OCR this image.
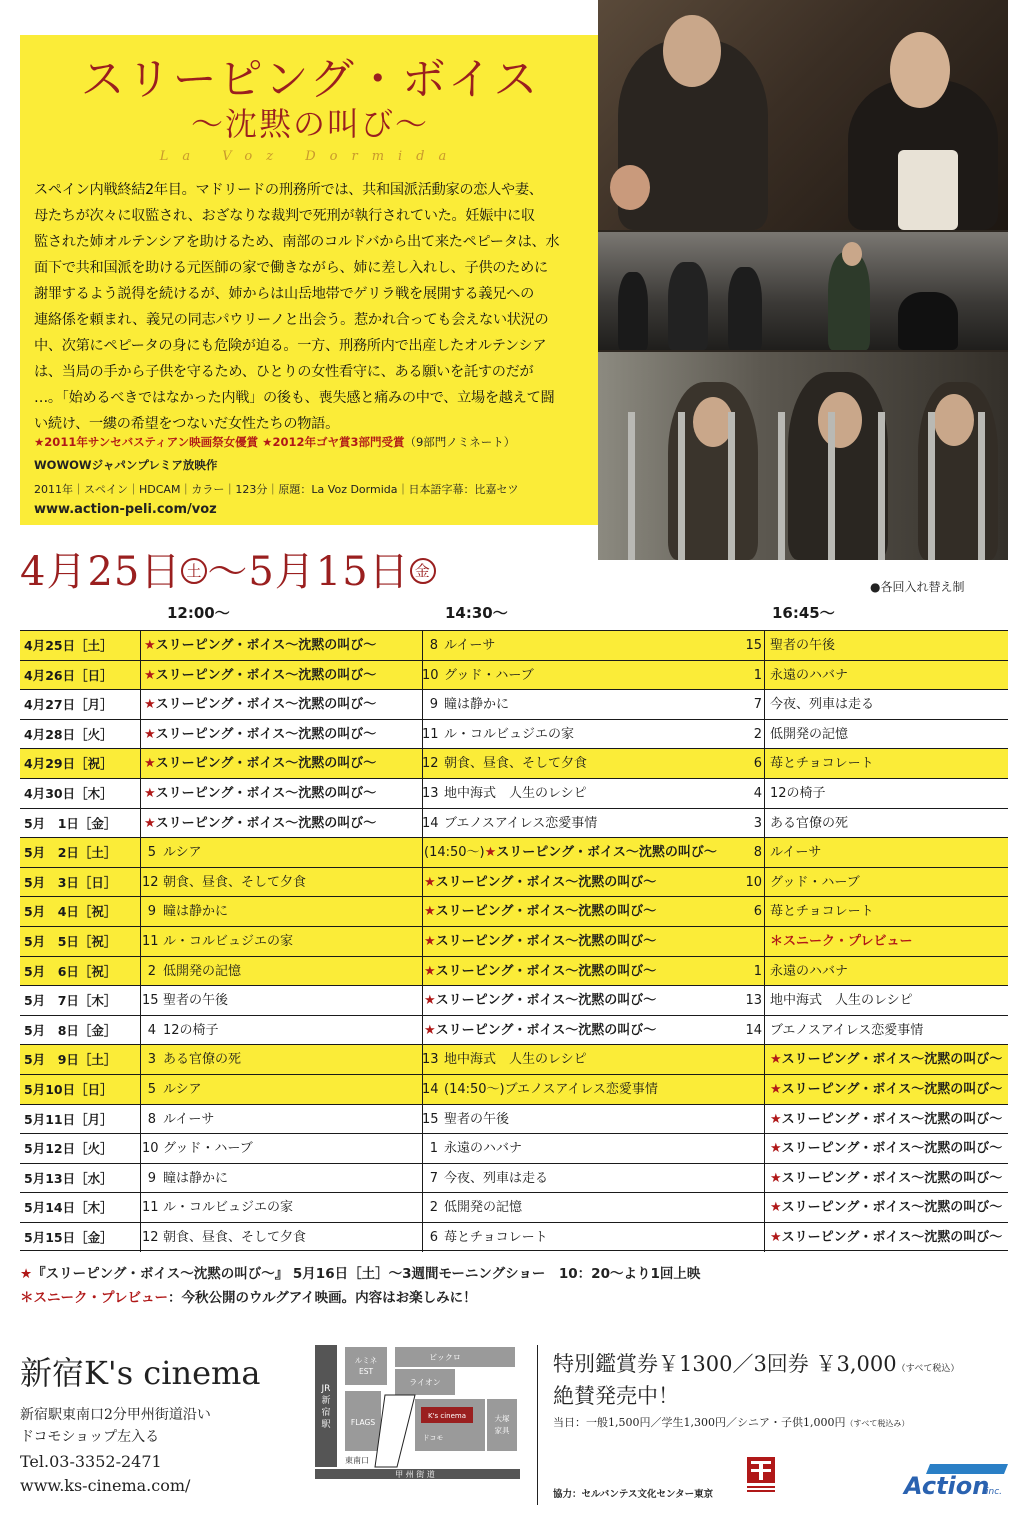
スリーピング・ボイス
〜沈黙の叫び〜
La Voz Dormida
スペイン内戦終結2年目。マドリードの刑務所では、共和国派活動家の恋人や妻、
母たちが次々に収監され、おざなりな裁判で死刑が執行されていた。妊娠中に収
監された姉オルテンシアを助けるため、南部のコルドバから出て来たペピータは、水
面下で共和国派を助ける元医師の家で働きながら、姉に差し入れし、子供のために
謝罪するよう説得を続けるが、姉からは山岳地帯でゲリラ戦を展開する義兄への
連絡係を頼まれ、義兄の同志パウリーノと出会う。惹かれ合っても会えない状況の
中、次第にペピータの身にも危険が迫る。一方、刑務所内で出産したオルテンシア
は、当局の手から子供を守るため、ひとりの女性看守に、ある願いを託すのだが
…。「始めるべきではなかった内戦」の後も、喪失感と痛みの中で、立場を越えて闘
い続け、一縷の希望をつないだ女性たちの物語。
★2011年サンセバスティアン映画祭女優賞 ★2012年ゴヤ賞3部門受賞（9部門ノミネート）
WOWOWジャパンプレミア放映作
2011年｜スペイン｜HDCAM｜カラー｜123分｜原題：La Voz Dormida｜日本語字幕：比嘉セツ
www.action-peli.com/voz
4月25日 土 〜5月15日 金
●各回入れ替え制
12:00〜	14:30〜	16:45〜
4月25日［土］	★スリーピング・ボイス〜沈黙の叫び〜	8 ルイーサ	15 聖者の午後
4月26日［日］	★スリーピング・ボイス〜沈黙の叫び〜	10 グッド・ハーブ	1 永遠のハバナ
4月27日［月］	★スリーピング・ボイス〜沈黙の叫び〜	9 瞳は静かに	7 今夜、列車は走る
4月28日［火］	★スリーピング・ボイス〜沈黙の叫び〜	11 ル・コルビュジエの家	2 低開発の記憶
4月29日［祝］	★スリーピング・ボイス〜沈黙の叫び〜	12 朝食、昼食、そして夕食	6 苺とチョコレート
4月30日［木］	★スリーピング・ボイス〜沈黙の叫び〜	13 地中海式　人生のレシピ	4 12の椅子
5月　1日［金］	★スリーピング・ボイス〜沈黙の叫び〜	14 ブエノスアイレス恋愛事情	3 ある官僚の死
5月　2日［土］	5 ルシア	(14:50〜)★スリーピング・ボイス〜沈黙の叫び〜	8 ルイーサ
5月　3日［日］	12 朝食、昼食、そして夕食	★スリーピング・ボイス〜沈黙の叫び〜	10 グッド・ハーブ
5月　4日［祝］	9 瞳は静かに	★スリーピング・ボイス〜沈黙の叫び〜	6 苺とチョコレート
5月　5日［祝］	11 ル・コルビュジエの家	★スリーピング・ボイス〜沈黙の叫び〜	＊スニーク・プレビュー
5月　6日［祝］	2 低開発の記憶	★スリーピング・ボイス〜沈黙の叫び〜	1 永遠のハバナ
5月　7日［木］	15 聖者の午後	★スリーピング・ボイス〜沈黙の叫び〜	13 地中海式　人生のレシピ
5月　8日［金］	4 12の椅子	★スリーピング・ボイス〜沈黙の叫び〜	14 ブエノスアイレス恋愛事情
5月　9日［土］	3 ある官僚の死	13 地中海式　人生のレシピ	★スリーピング・ボイス〜沈黙の叫び〜
5月10日［日］	5 ルシア	14 (14:50〜)ブエノスアイレス恋愛事情	★スリーピング・ボイス〜沈黙の叫び〜
5月11日［月］	8 ルイーサ	15 聖者の午後	★スリーピング・ボイス〜沈黙の叫び〜
5月12日［火］	10 グッド・ハーブ	1 永遠のハバナ	★スリーピング・ボイス〜沈黙の叫び〜
5月13日［水］	9 瞳は静かに	7 今夜、列車は走る	★スリーピング・ボイス〜沈黙の叫び〜
5月14日［木］	11 ル・コルビュジエの家	2 低開発の記憶	★スリーピング・ボイス〜沈黙の叫び〜
5月15日［金］	12 朝食、昼食、そして夕食	6 苺とチョコレート	★スリーピング・ボイス〜沈黙の叫び〜
★『スリーピング・ボイス〜沈黙の叫び〜』 5月16日［土］〜3週間モーニングショー　10：20〜より1回上映
＊スニーク・プレビュー：今秋公開のウルグアイ映画。内容はお楽しみに！
新宿K's cinema
新宿駅東南口2分甲州街道沿い
ドコモショップ左入る
Tel.03-3352-2471
www.ks-cinema.com/
JR 新宿駅
ルミネ
EST
ビックロ
ライオン
FLAGS
K's cinema
ドコモ
大塚
家具
東南口
甲 州 街 道
特別鑑賞券￥1300／3回券 ￥3,000（すべて税込）
絶賛発売中！
当日：一般1,500円／学生1,300円／シニア・子供1,000円（すべて税込み）
協力：セルバンテス文化センター東京	Action
inc.
